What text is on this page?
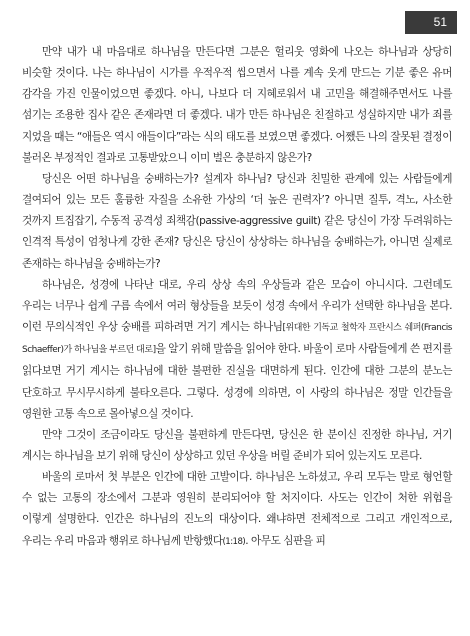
51

만약 내가 내 마음대로 하나님을 만든다면 그분은 헐리웃 영화에 나오는 하나님과 상당히 비슷할 것이다. 나는 하나님이 시가를 우적우적 씹으면서 나를 계속 웃게 만드는 기분 좋은 유머 감각을 가진 인물이었으면 좋겠다. 아니, 나보다 더 지혜로워서 내 고민을 해결해주면서도 나를 섬기는 조용한 집사 같은 존재라면 더 좋겠다. 내가 만든 하나님은 친절하고 성실하지만 내가 죄를 지었을 때는 “애들은 역시 애들이다”라는 식의 태도를 보였으면 좋겠다. 어쨌든 나의 잘못된 결정이 불러온 부정적인 결과로 고통받았으니 이미 벌은 충분하지 않은가?

당신은 어떤 하나님을 숭배하는가? 설계자 하나님? 당신과 친밀한 관계에 있는 사람들에게 결여되어 있는 모든 훌륭한 자질을 소유한 가상의 ‘더 높은 권력자’? 아니면 질투, 격노, 사소한 것까지 트집잡기, 수동적 공격성 죄책감(passive-aggressive guilt) 같은 당신이 가장 두려워하는 인격적 특성이 엄청나게 강한 존재? 당신은 당신이 상상하는 하나님을 숭배하는가, 아니면 실제로 존재하는 하나님을 숭배하는가?

하나님은, 성경에 나타난 대로, 우리 상상 속의 우상들과 같은 모습이 아니시다. 그런데도 우리는 너무나 쉽게 구름 속에서 여러 형상들을 보듯이 성경 속에서 우리가 선택한 하나님을 본다. 이런 무의식적인 우상 숭배를 피하려면 거기 계시는 하나님[위대한 기독교 철학자 프란시스 쉐퍼(Francis Schaeffer)가 하나님을 부르던 대로]을 알기 위해 말씀을 읽어야 한다. 바울이 로마 사람들에게 쓴 편지를 읽다보면 거기 계시는 하나님에 대한 불편한 진실을 대면하게 된다. 인간에 대한 그분의 분노는 단호하고 무시무시하게 불타오른다. 그렇다. 성경에 의하면, 이 사랑의 하나님은 정말 인간들을 영원한 고통 속으로 몰아넣으실 것이다.

만약 그것이 조금이라도 당신을 불편하게 만든다면, 당신은 한 분이신 진정한 하나님, 거기 계시는 하나님을 보기 위해 당신이 상상하고 있던 우상을 버릴 준비가 되어 있는지도 모른다.

바울의 로마서 첫 부분은 인간에 대한 고발이다. 하나님은 노하셨고, 우리 모두는 말로 형언할 수 없는 고통의 장소에서 그분과 영원히 분리되어야 할 처지이다. 사도는 인간이 처한 위험을 이렇게 설명한다. 인간은 하나님의 진노의 대상이다. 왜냐하면 전체적으로 그리고 개인적으로, 우리는 우리 마음과 행위로 하나님께 반항했다(1:18). 아무도 심판을 피
